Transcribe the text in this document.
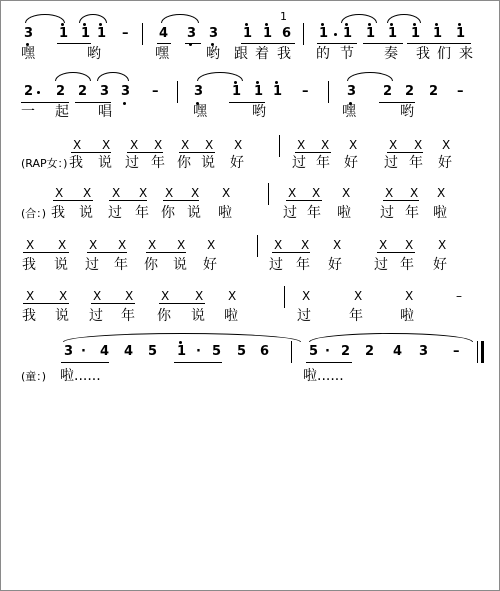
3 1 1 1 – 4 3 3 1 1
1
6 1 1 1 1 1 1 1
嘿	哟	嘿	哟 跟 着 我 的 节 奏 我 们 来
2 2 2 3 3 –	3 1 1 1 –	3 2 2 2 –
一 起 唱	嘿	哟	嘿	哟
X X X X X X X	X X X	X X X
(RAP女：) 我 说 过 年 你 说 好	过 年 好 过 年 好
X X X X X X X	X X X	X X X
(合：) 我 说 过 年 你 说 啦	过 年 啦 过 年 啦
X X X X X X X	X X X	X X X
我 说 过 年 你 说 好	过 年 好 过 年 好
X X X X X X X	X	X	X	–
我 说 过 年 你 说 啦	过	年	啦
3 · 4 4 5 1 · 5 5 6	5 · 2 2 4 3 –
(童：) 啦......	啦......
